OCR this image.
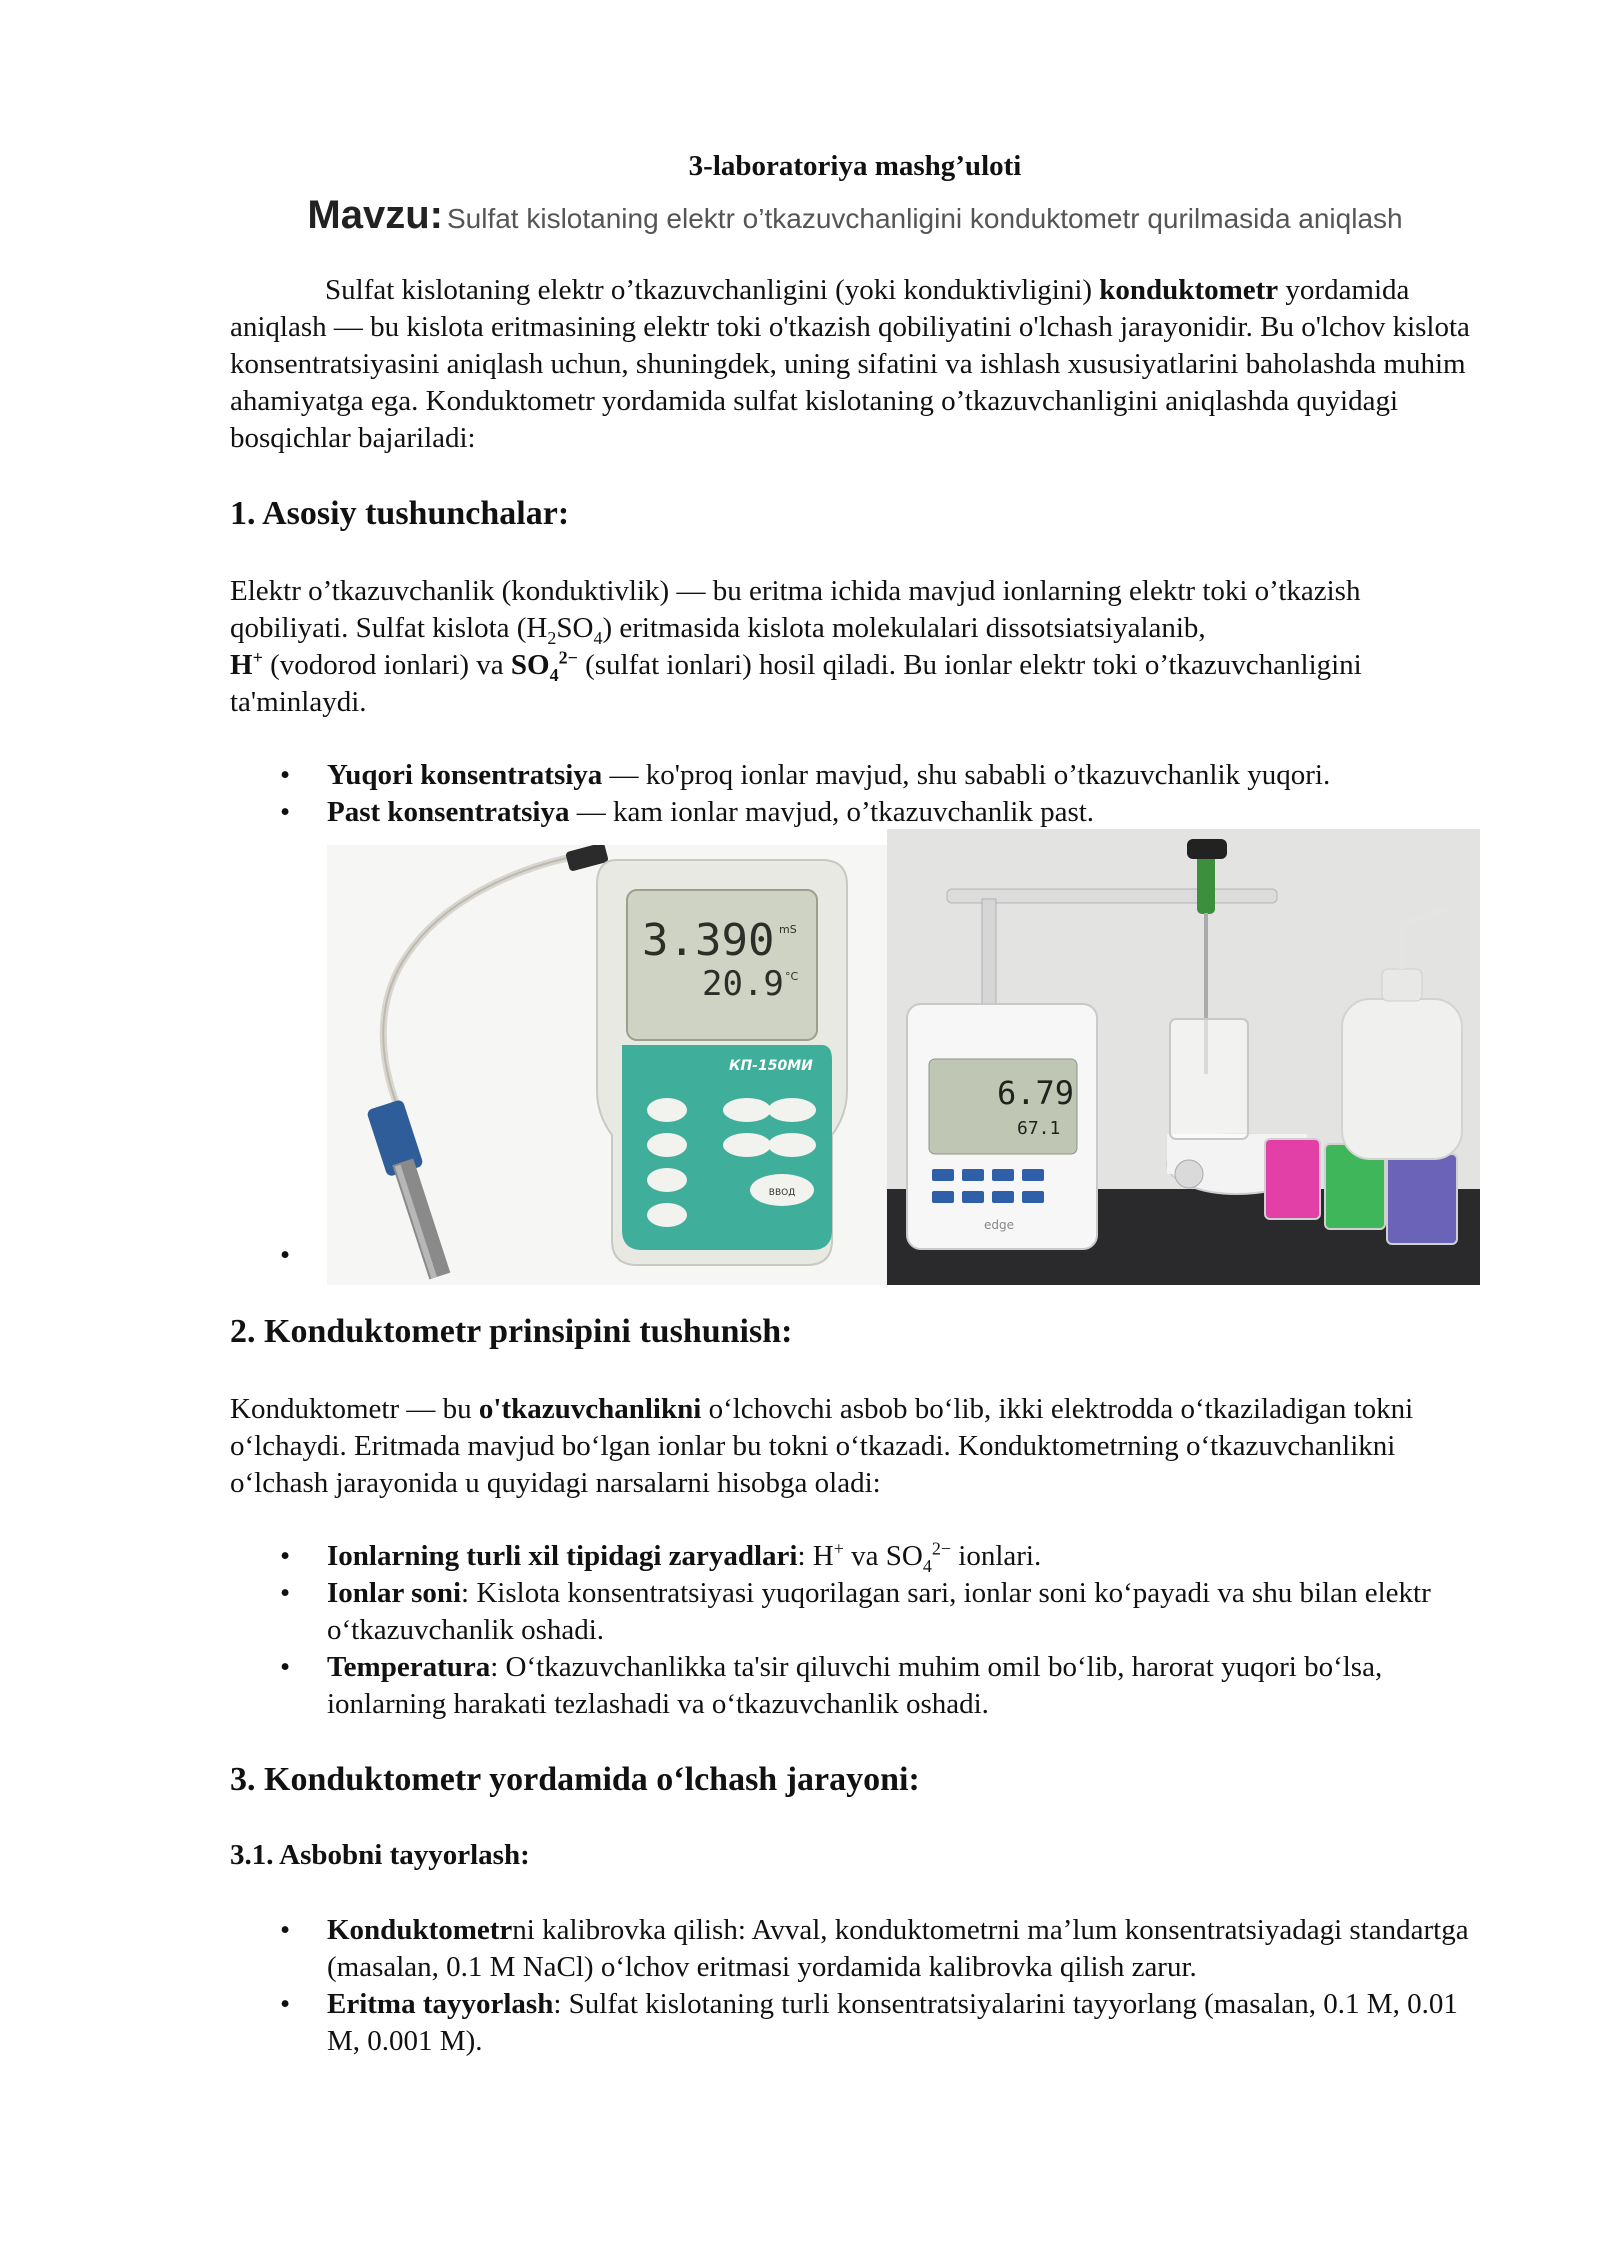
3-laboratoriya mashg’uloti
Mavzu: Sulfat kislotaning elektr o’tkazuvchanligini konduktometr qurilmasida aniqlash

Sulfat kislotaning elektr o’tkazuvchanligini (yoki konduktivligini) konduktometr yordamida aniqlash — bu kislota eritmasining elektr toki o'tkazish qobiliyatini o'lchash jarayonidir. Bu o'lchov kislota konsentratsiyasini aniqlash uchun, shuningdek, uning sifatini va ishlash xususiyatlarini baholashda muhim ahamiyatga ega. Konduktometr yordamida sulfat kislotaning o’tkazuvchanligini aniqlashda quyidagi bosqichlar bajariladi:

1. Asosiy tushunchalar:

Elektr o’tkazuvchanlik (konduktivlik) — bu eritma ichida mavjud ionlarning elektr toki o’tkazish qobiliyati. Sulfat kislota $(H_2SO_4)$ eritmasida kislota molekulalari dissotsiatsiyalanib,
H+ (vodorod ionlari) va $SO_4^{2-}$ (sulfat ionlari) hosil qiladi. Bu ionlar elektr toki o’tkazuvchanligini ta'minlaydi.

• Yuqori konsentratsiya — ko'proq ionlar mavjud, shu sababli o’tkazuvchanlik yuqori.
• Past konsentratsiya — kam ionlar mavjud, o’tkazuvchanlik past.
•
3.390 mS
20.9 °C
КП-150МИ
ВВОД
6.79
67.1
edge
2. Konduktometr prinsipini tushunish:

Konduktometr — bu o'tkazuvchanlikni o‘lchovchi asbob bo‘lib, ikki elektrodda o‘tkaziladigan tokni o‘lchaydi. Eritmada mavjud bo‘lgan ionlar bu tokni o‘tkazadi. Konduktometrning o‘tkazuvchanlikni o‘lchash jarayonida u quyidagi narsalarni hisobga oladi:

• Ionlarning turli xil tipidagi zaryadlari: H+ va $SO_4^{2-}$ ionlari.
• Ionlar soni: Kislota konsentratsiyasi yuqorilagan sari, ionlar soni ko‘payadi va shu bilan elektr o‘tkazuvchanlik oshadi.
• Temperatura: O‘tkazuvchanlikka ta'sir qiluvchi muhim omil bo‘lib, harorat yuqori bo‘lsa, ionlarning harakati tezlashadi va o‘tkazuvchanlik oshadi.
3. Konduktometr yordamida o‘lchash jarayoni:
3.1. Asbobni tayyorlash:
• Konduktometrni kalibrovka qilish: Avval, konduktometrni ma’lum konsentratsiyadagi standartga (masalan, 0.1 M NaCl) o‘lchov eritmasi yordamida kalibrovka qilish zarur.
• Eritma tayyorlash: Sulfat kislotaning turli konsentratsiyalarini tayyorlang (masalan, 0.1 M, 0.01 M, 0.001 M).
